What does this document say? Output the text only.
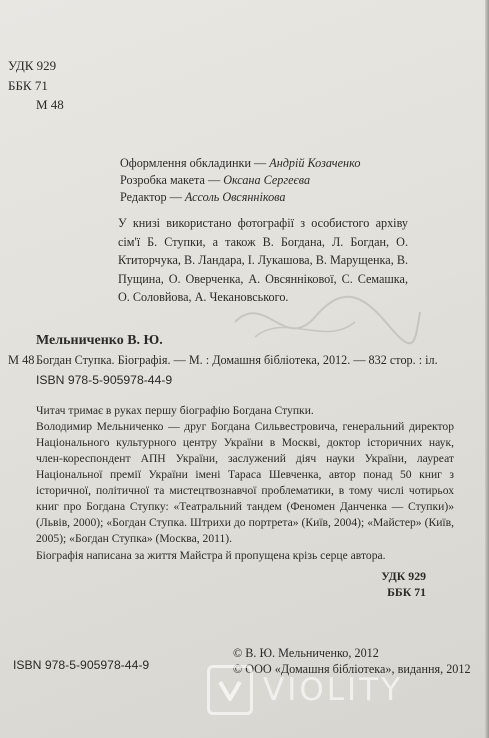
УДК 929
ББК 71
М 48
Оформлення обкладинки — Андрій Козаченко
Розробка макета — Оксана Сергеєва
Редактор — Ассоль Овсяннікова
У книзі використано фотографії з особистого архіву сім'ї Б. Ступки, а також В. Богдана, Л. Богдан, О. Ктиторчука, В. Ландара, І. Лукашова, В. Марущенка, В. Пущина, О. Оверченка, А. Овсяннікової, С. Семашка, О. Соловйова, А. Чекановського.
Мельниченко В. Ю.
М 48 Богдан Ступка. Біографія. — М. : Домашня бібліотека, 2012. — 832 стор. : іл.
ISBN 978-5-905978-44-9
Читач тримає в руках першу біографію Богдана Ступки.
Володимир Мельниченко — друг Богдана Сильвестровича, генеральний директор Національного культурного центру України в Москві, доктор історичних наук, член-кореспондент АПН України, заслужений діяч науки України, лауреат Національної премії України імені Тараса Шевченка, автор понад 50 книг з історичної, політичної та мистецтвознавчої проблематики, в тому числі чотирьох книг про Богдана Ступку: «Театральний тандем (Феномен Данченка — Ступки)» (Львів, 2000); «Богдан Ступка. Штрихи до портрета» (Київ, 2004); «Майстер» (Київ, 2005); «Богдан Ступка» (Москва, 2011).
Біографія написана за життя Майстра й пропущена крізь серце автора.
УДК 929
ББК 71
ISBN 978-5-905978-44-9
© В. Ю. Мельниченко, 2012
© ООО «Домашня бібліотека», видання, 2012
VIOLITY
